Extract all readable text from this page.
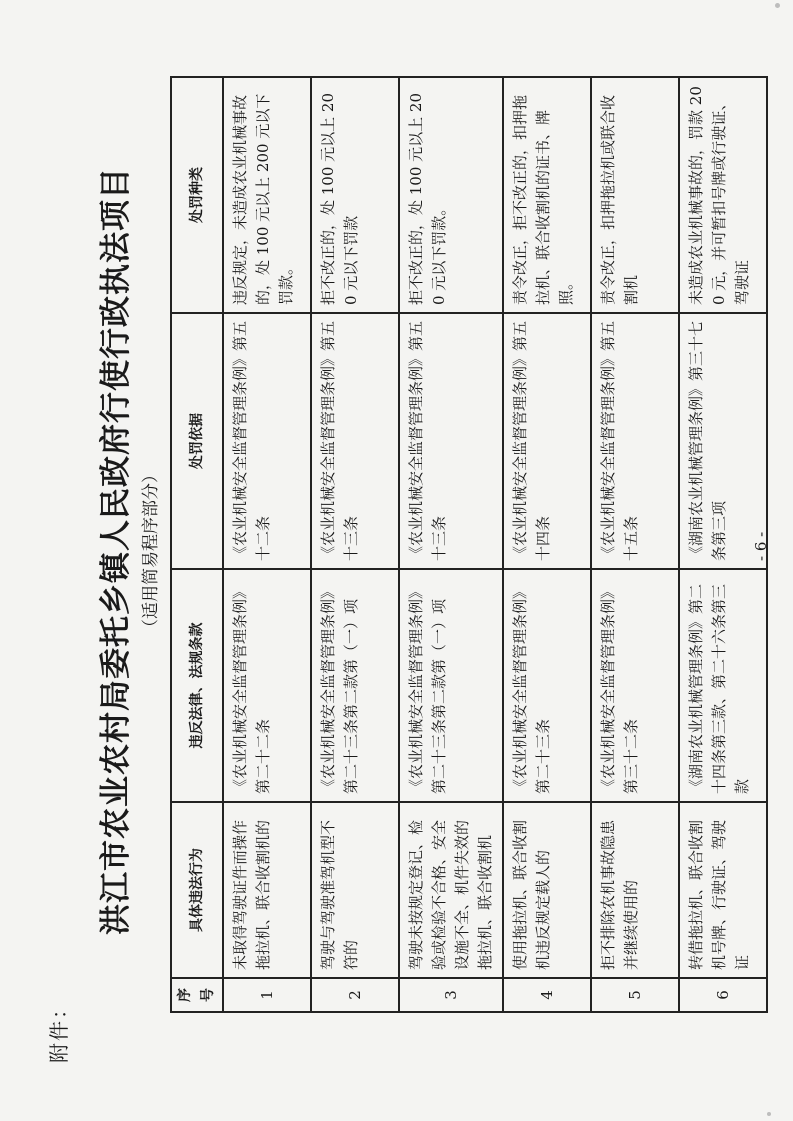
附件：
洪江市农业农村局委托乡镇人民政府行使行政执法项目 （适用简易程序部分）
序号	具体违法行为	违反法律、法规条款	处罚依据	处罚种类
1	未取得驾驶证件而操作拖拉机、联合收割机的	《农业机械安全监督管理条例》第二十二条	《农业机械安全监督管理条例》第五十二条	违反规定，未造成农业机械事故的，处 100 元以上 200 元以下罚款。
2	驾驶与驾驶准驾机型不符的	《农业机械安全监督管理条例》第二十三条第二款第（一）项	《农业机械安全监督管理条例》第五十三条	拒不改正的，处 100 元以上 200 元以下罚款
3	驾驶未按规定登记、检验或检验不合格、安全设施不全、机件失效的拖拉机、联合收割机	《农业机械安全监督管理条例》第二十三条第二款第（一）项	《农业机械安全监督管理条例》第五十三条	拒不改正的，处 100 元以上 200 元以下罚款。
4	使用拖拉机、联合收割机违反规定载人的	《农业机械安全监督管理条例》第二十三条	《农业机械安全监督管理条例》第五十四条	责令改正，拒不改正的，扣押拖拉机、联合收割机的证书、牌照。
5	拒不排除农机事故隐患并继续使用的	《农业机械安全监督管理条例》第三十二条	《农业机械安全监督管理条例》第五十五条	责令改正，扣押拖拉机或联合收割机
6	转借拖拉机、联合收割机号牌、行驶证、驾驶证	《湖南农业机械管理条例》第二十四条第三款、第二十六条第三款	《湖南农业机械管理条例》第三十七条第三项	未造成农业机械事故的，罚款 200 元，并可暂扣号牌或行驶证、驾驶证
- 6 -
